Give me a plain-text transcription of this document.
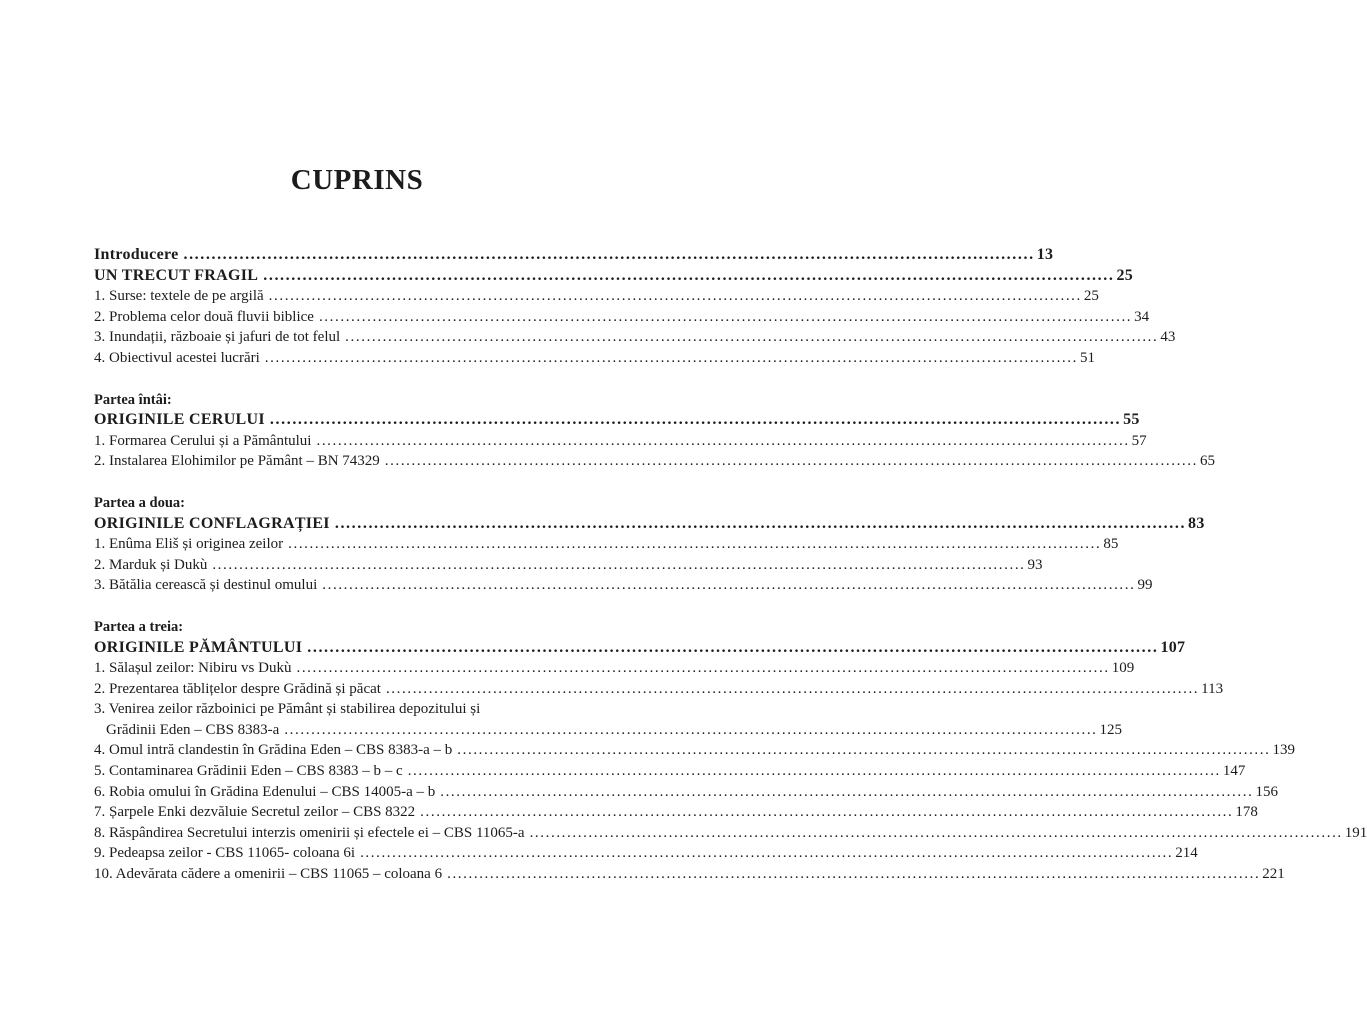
CUPRINS
Introducere .....	13
UN TRECUT FRAGIL .....	25
1. Surse: textele de pe argilă .....	25
2. Problema celor două fluvii biblice .....	34
3. Inundații, războaie și jafuri de tot felul .....	43
4. Obiectivul acestei lucrări .....	51
Partea întâi:
ORIGINILE CERULUI .....	55
1. Formarea Cerului și a Pământului .....	57
2. Instalarea Elohimilor pe Pământ – BN 74329 .....	65
Partea a doua:
ORIGINILE CONFLAGRAȚIEI .....	83
1. Enûma Eliš și originea zeilor .....	85
2. Marduk și Dukù .....	93
3. Bătălia cerească și destinul omului .....	99
Partea a treia:
ORIGINILE PĂMÂNTULUI .....	107
1. Sălașul zeilor: Nibiru vs Dukù .....	109
2. Prezentarea tăblițelor despre Grădină și păcat .....	113
3. Venirea zeilor războinici pe Pământ și stabilirea depozitului și
Grădinii Eden – CBS 8383-a .....	125
4. Omul intră clandestin în Grădina Eden – CBS 8383-a – b .....	139
5. Contaminarea Grădinii Eden – CBS 8383 – b – c .....	147
6. Robia omului în Grădina Edenului – CBS 14005-a – b .....	156
7. Șarpele Enki dezvăluie Secretul zeilor – CBS 8322 .....	178
8. Răspândirea Secretului interzis omenirii și efectele ei – CBS 11065-a .....	191
9. Pedeapsa zeilor - CBS 11065- coloana 6i .....	214
10. Adevărata cădere a omenirii – CBS 11065 – coloana 6 .....	221
